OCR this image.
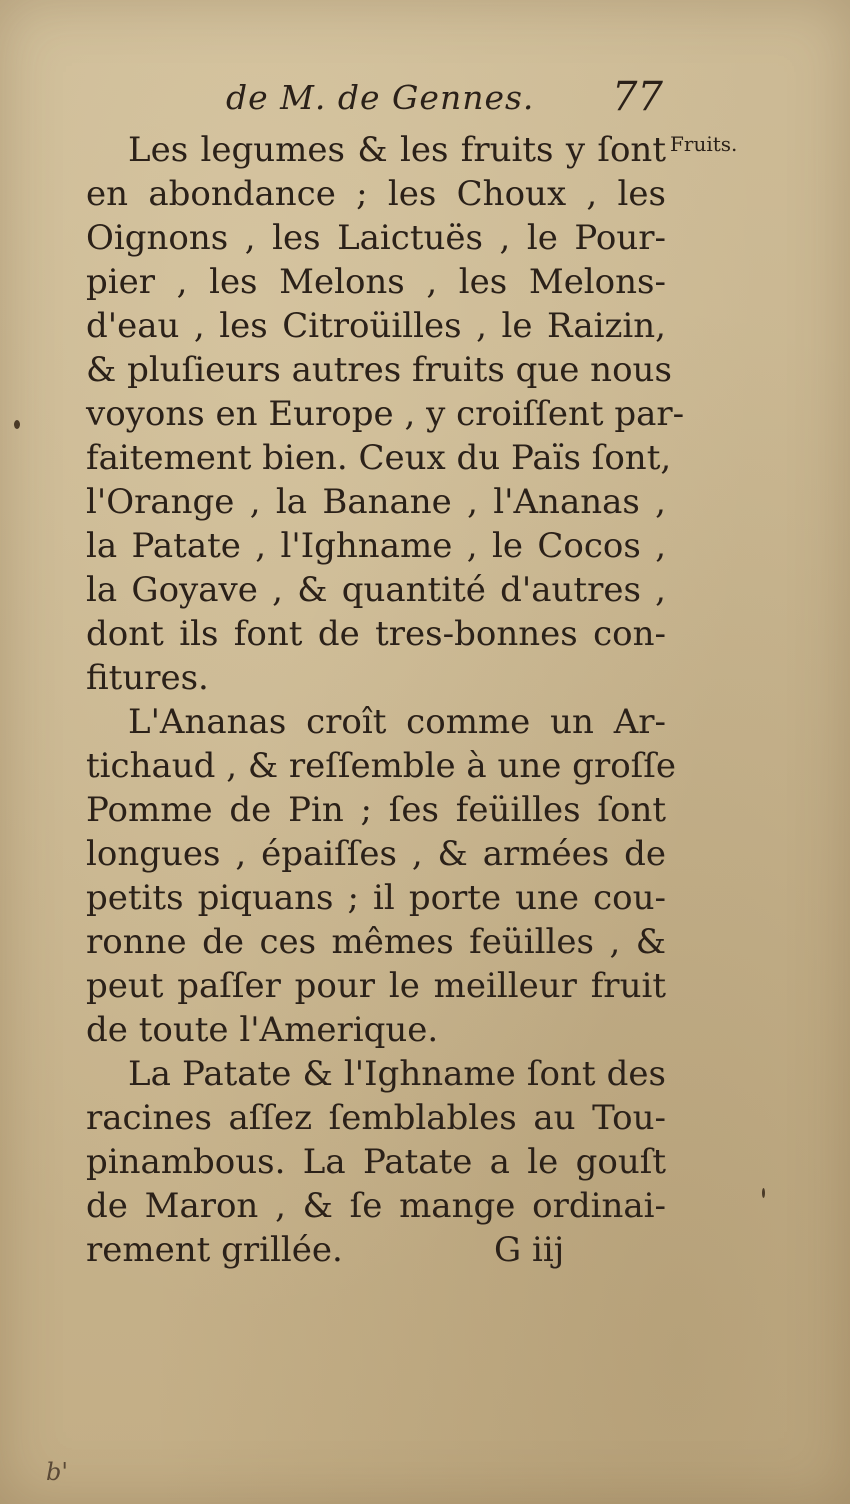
de M. de Gennes. 77
Fruits.
Les legumes & les fruits y ſont
en abondance ; les Choux , les
Oignons , les Laictuës , le Pour-
pier , les Melons , les Melons-
d'eau , les Citroüilles , le Raizin,
& pluſieurs autres fruits que nous
voyons en Europe , y croiſſent par-
faitement bien. Ceux du Païs ſont,
l'Orange , la Banane , l'Ananas ,
la Patate , l'Ighname , le Cocos ,
la Goyave , & quantité d'autres ,
dont ils font de tres-bonnes con-
fitures.
L'Ananas croît comme un Ar-
tichaud , & reſſemble à une groſſe
Pomme de Pin ; ſes feüilles ſont
longues , épaiſſes , & armées de
petits piquans ; il porte une cou-
ronne de ces mêmes feüilles , &
peut paſſer pour le meilleur fruit
de toute l'Amerique.
La Patate & l'Ighname ſont des
racines aſſez ſemblables au Tou-
pinambous. La Patate a le gouſt
de Maron , & ſe mange ordinai-
rement grillée.	G iij
b'
